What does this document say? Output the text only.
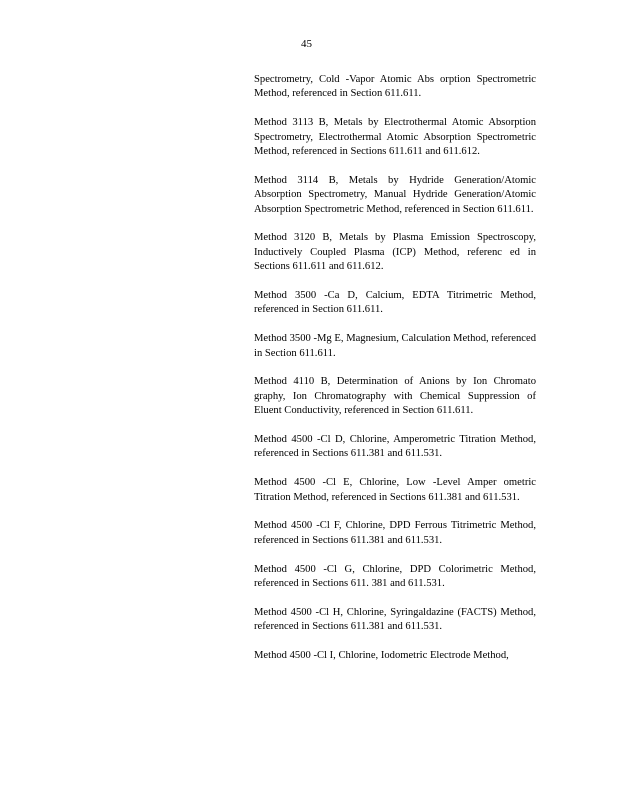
45

Spectrometry, Cold -Vapor Atomic Abs orption Spectrometric Method, referenced in Section 611.611.

Method 3113 B, Metals by Electrothermal Atomic Absorption Spectrometry, Electrothermal Atomic Absorption Spectrometric Method, referenced in Sections 611.611 and 611.612.

Method 3114 B, Metals by Hydride Generation/Atomic Absorption Spectrometry, Manual Hydride Generation/Atomic Absorption Spectrometric Method, referenced in Section 611.611.

Method 3120 B, Metals by Plasma Emission Spectroscopy, Inductively Coupled Plasma (ICP) Method, referenc ed in Sections 611.611 and 611.612.

Method 3500 -Ca D, Calcium, EDTA Titrimetric Method, referenced in Section 611.611.

Method 3500 -Mg E, Magnesium, Calculation Method, referenced in Section 611.611.

Method 4110 B, Determination of Anions by Ion Chromato graphy, Ion Chromatography with Chemical Suppression of Eluent Conductivity, referenced in Section 611.611.

Method 4500 -Cl D, Chlorine, Amperometric Titration Method, referenced in Sections 611.381 and 611.531.

Method 4500 -Cl E, Chlorine, Low -Level Amper ometric Titration Method, referenced in Sections 611.381 and 611.531.

Method 4500 -Cl F, Chlorine, DPD Ferrous Titrimetric Method, referenced in Sections 611.381 and 611.531.

Method 4500 -Cl G, Chlorine, DPD Colorimetric Method, referenced in Sections 611. 381 and 611.531.

Method 4500 -Cl H, Chlorine, Syringaldazine (FACTS) Method, referenced in Sections 611.381 and 611.531.

Method 4500 -Cl I, Chlorine, Iodometric Electrode Method,
